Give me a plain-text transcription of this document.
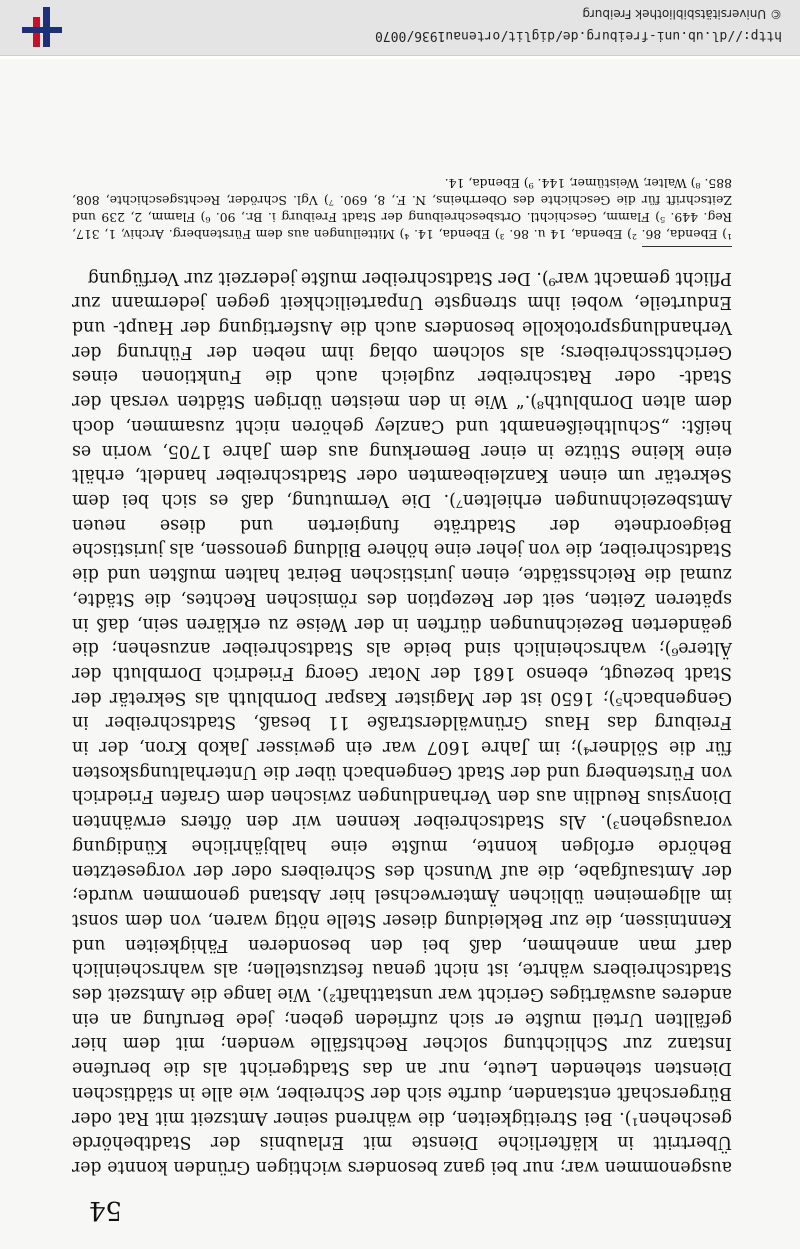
54

ausgenommen war; nur bei ganz besonders wichtigen Gründen konnte der Übertritt in kläfterliche Dienste mit Erlaubnis der Stadtbehörde geschehen¹). Bei Streitigkeiten, die während seiner Amtszeit mit Rat oder Bürgerschaft entstanden, durfte sich der Schreiber, wie alle in städtischen Diensten stehenden Leute, nur an das Stadtgericht als die berufene Instanz zur Schlichtung solcher Rechtsfälle wenden; mit dem hier gefällten Urteil mußte er sich zufrieden geben; jede Berufung an ein anderes auswärtiges Gericht war unstatthaft²). Wie lange die Amtszeit des Stadtschreibers währte, ist nicht genau festzustellen; als wahrscheinlich darf man annehmen, daß bei den besonderen Fähigkeiten und Kenntnissen, die zur Bekleidung dieser Stelle nötig waren, von dem sonst im allgemeinen üblichen Ämterwechsel hier Abstand genommen wurde; der Amtsaufgabe, die auf Wunsch des Schreibers oder der vorgesetzten Behörde erfolgen konnte, mußte eine halbjährliche Kündigung vorausgehen³). Als Stadtschreiber kennen wir den öfters erwähnten Dionysius Reudlin aus den Verhandlungen zwischen dem Grafen Friedrich von Fürstenberg und der Stadt Gengenbach über die Unterhaltungskosten für die Söldner⁴); im Jahre 1607 war ein gewisser Jakob Kron, der in Freiburg das Haus Grünwälderstraße 11 besaß, Stadtschreiber in Gengenbach⁵); 1650 ist der Magister Kaspar Dornbluth als Sekretär der Stadt bezeugt, ebenso 1681 der Notar Georg Friedrich Dornbluth der Ältere⁶); wahrscheinlich sind beide als Stadtschreiber anzusehen; die geänderten Bezeichnungen dürften in der Weise zu erklären sein, daß in späteren Zeiten, seit der Rezeption des römischen Rechtes, die Städte, zumal die Reichsstädte, einen juristischen Beirat halten mußten und die Stadtschreiber, die von jeher eine höhere Bildung genossen, als juristische Beigeordnete der Stadträte fungierten und diese neuen Amtsbezeichnungen erhielten⁷). Die Vermutung, daß es sich bei dem Sekretär um einen Kanzleibeamten oder Stadtschreiber handelt, erhält eine kleine Stütze in einer Bemerkung aus dem Jahre 1705, worin es heißt: „Schultheißenambt und Canzley gehören nicht zusammen, doch dem alten Dornbluth⁸).“ Wie in den meisten übrigen Städten versah der Stadt- oder Ratschreiber zugleich auch die Funktionen eines Gerichtsschreibers; als solchem oblag ihm neben der Führung der Verhandlungsprotokolle besonders auch die Ausfertigung der Haupt- und Endurteile, wobei ihm strengste Unparteilichkeit gegen jedermann zur Pflicht gemacht war⁹). Der Stadtschreiber mußte jederzeit zur Verfügung

¹) Ebenda, 86. ²) Ebenda, 14 u. 86. ³) Ebenda, 14. ⁴) Mitteilungen aus dem Fürstenberg. Archiv, 1, 317, Reg. 449. ⁵) Flamm, Geschichtl. Ortsbeschreibung der Stadt Freiburg i. Br., 90. ⁶) Flamm, 2, 239 und Zeitschrift für die Geschichte des Oberrheins, N. F., 8, 690. ⁷) Vgl. Schröder, Rechtsgeschichte, 808, 885. ⁸) Walter, Weistümer, 144. ⁹) Ebenda, 14.

http://dl.ub.uni-freiburg.de/diglit/ortenau1936/0070
© Universitätsbibliothek Freiburg
